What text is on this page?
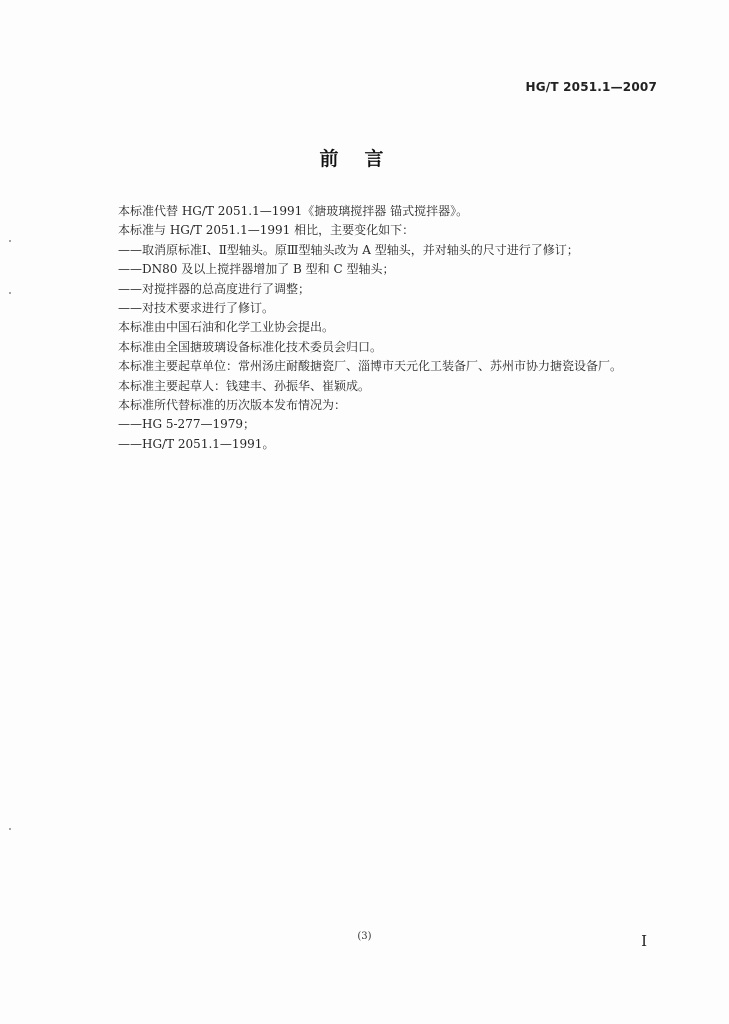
HG/T 2051.1—2007
前言
本标准代替 HG/T 2051.1—1991《搪玻璃搅拌器 锚式搅拌器》。
本标准与 HG/T 2051.1—1991 相比，主要变化如下：
——取消原标准Ⅰ、Ⅱ型轴头。原Ⅲ型轴头改为 A 型轴头，并对轴头的尺寸进行了修订；
——DN80 及以上搅拌器增加了 B 型和 C 型轴头；
——对搅拌器的总高度进行了调整；
——对技术要求进行了修订。
本标准由中国石油和化学工业协会提出。
本标准由全国搪玻璃设备标准化技术委员会归口。
本标准主要起草单位：常州汤庄耐酸搪瓷厂、淄博市天元化工装备厂、苏州市协力搪瓷设备厂。
本标准主要起草人：钱建丰、孙振华、崔颖成。
本标准所代替标准的历次版本发布情况为：
——HG 5-277—1979；
——HG/T 2051.1—1991。
(3)	I
